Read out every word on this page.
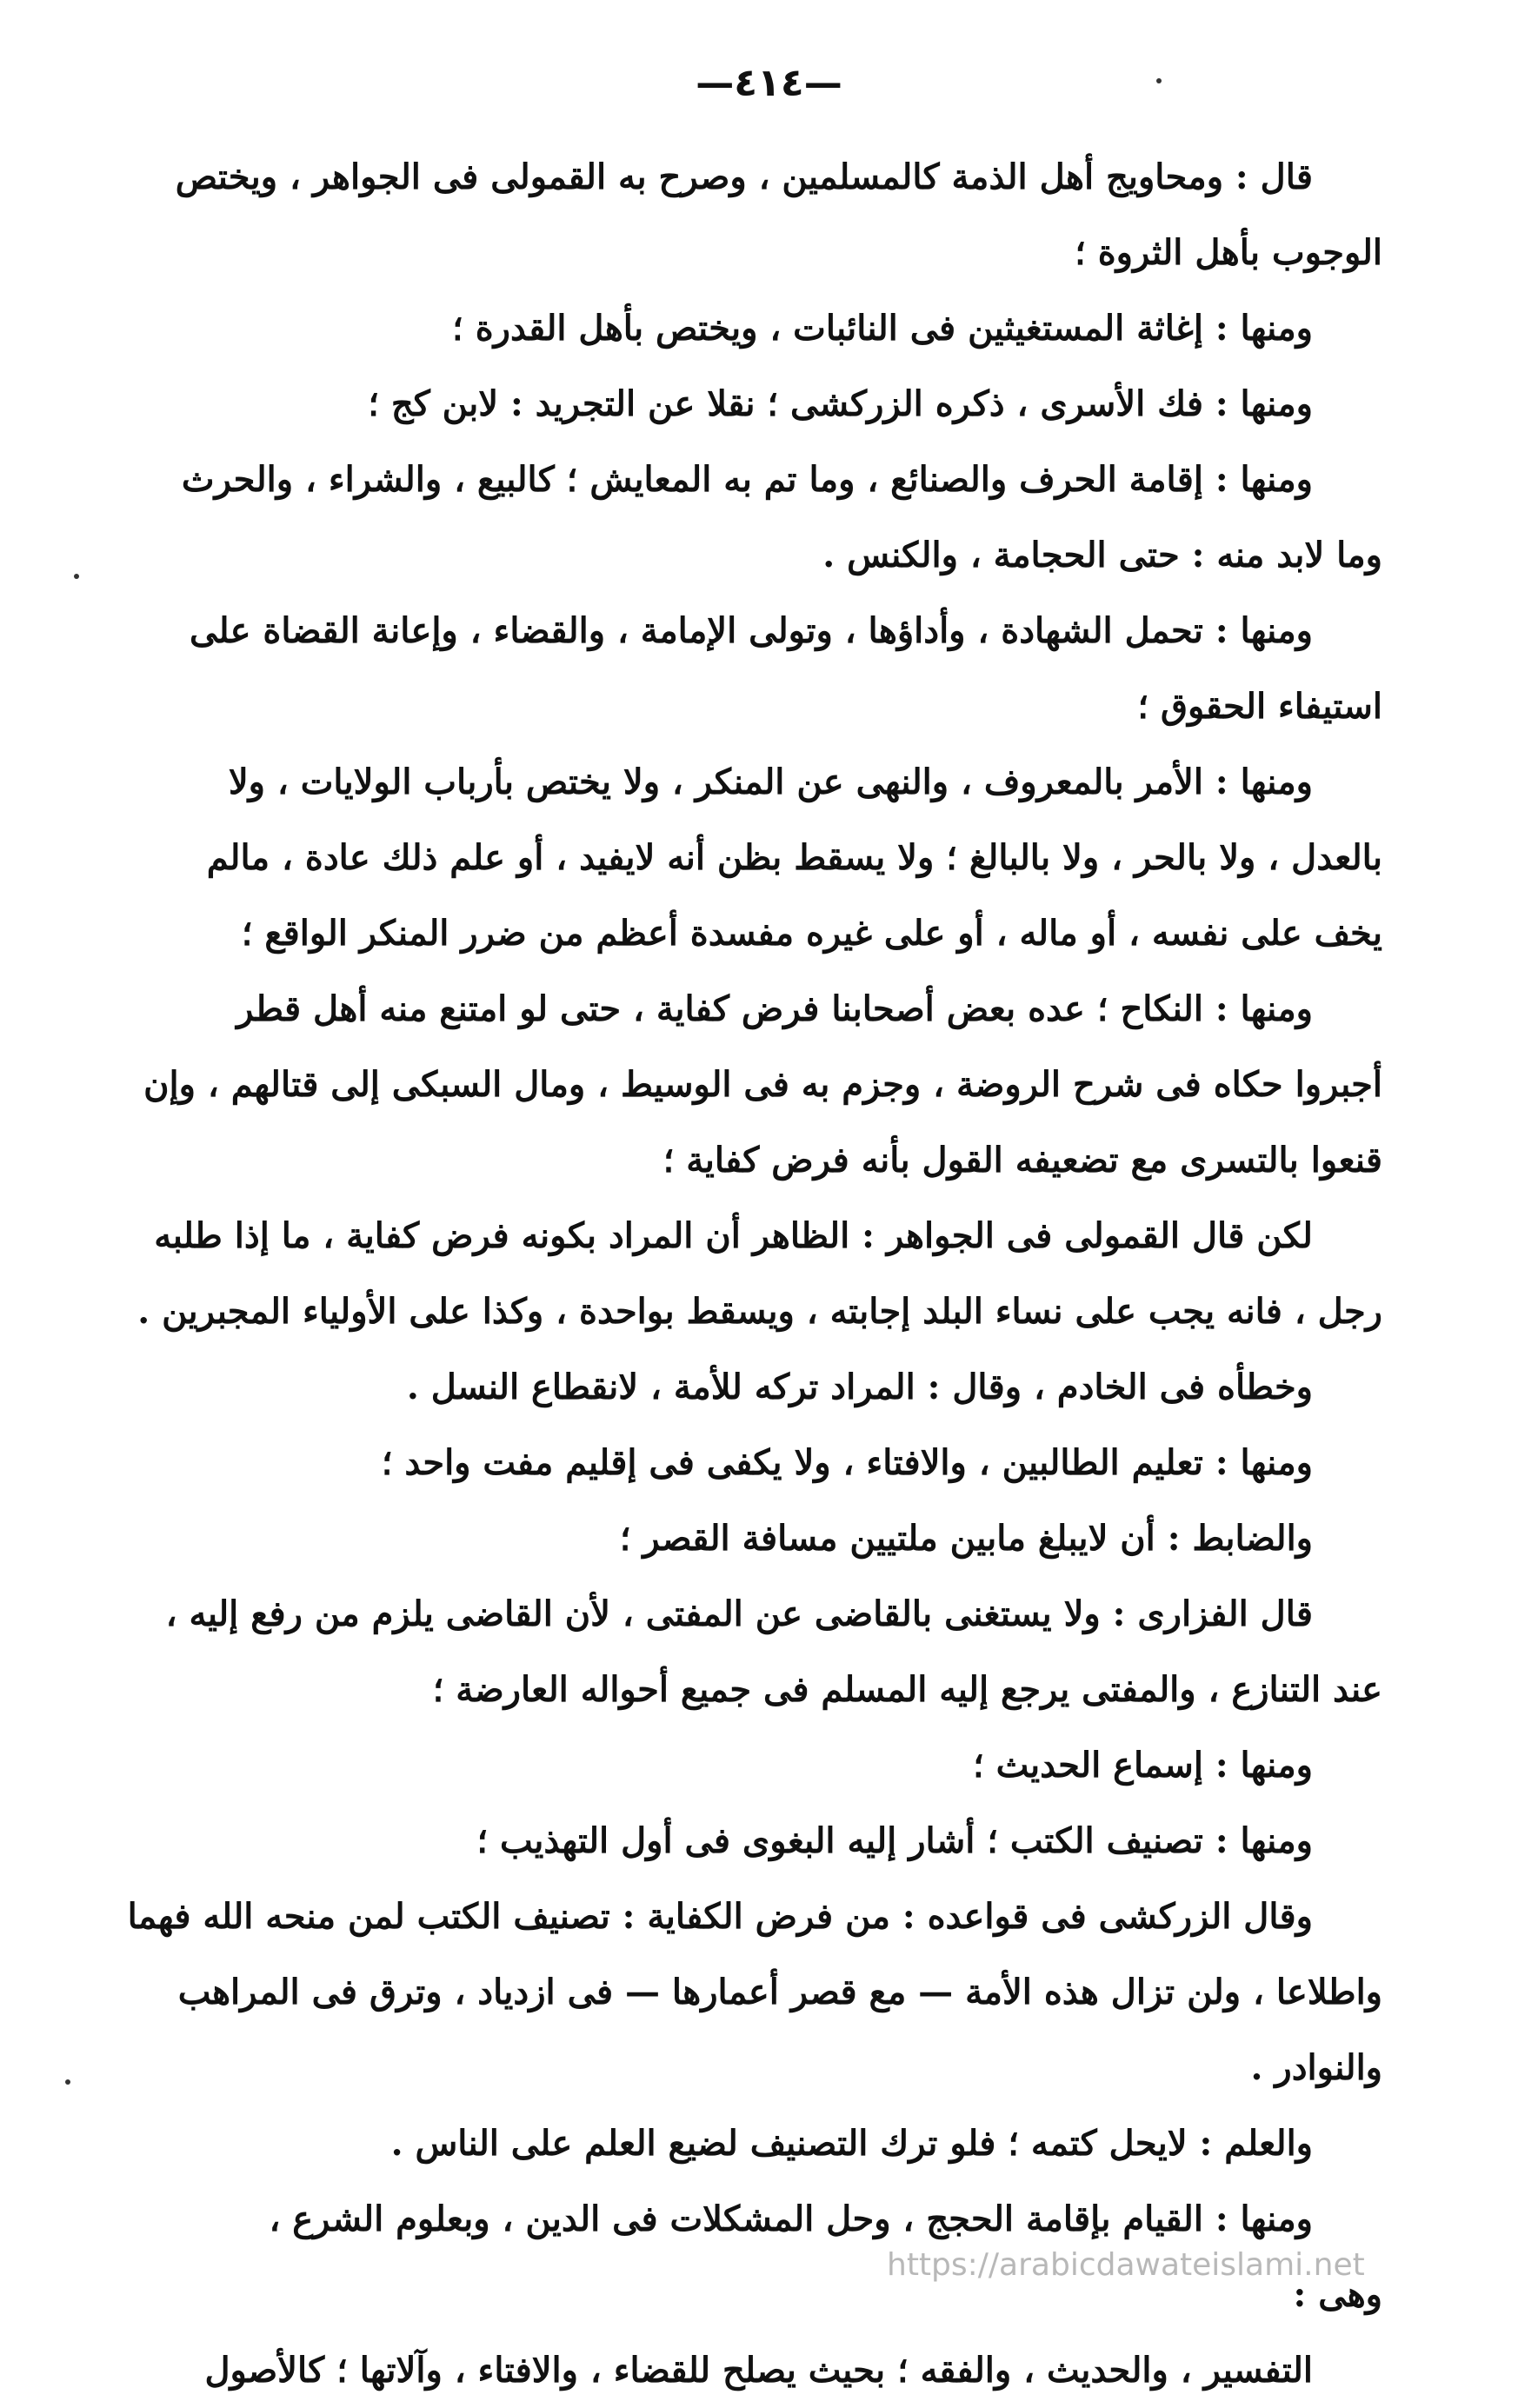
—٤١٤—
قال : ومحاويج أهل الذمة كالمسلمين ، وصرح به القمولى فى الجواهر ، ويختص
الوجوب بأهل الثروة ؛
ومنها : إغاثة المستغيثين فى النائبات ، ويختص بأهل القدرة ؛
ومنها : فك الأسرى ، ذكره الزركشى ؛ نقلا عن التجريد : لابن كج ؛
ومنها : إقامة الحرف والصنائع ، وما تم به المعايش ؛ كالبيع ، والشراء ، والحرث
وما لابد منه : حتى الحجامة ، والكنس .
ومنها : تحمل الشهادة ، وأداؤها ، وتولى الإمامة ، والقضاء ، وإعانة القضاة على
استيفاء الحقوق ؛
ومنها : الأمر بالمعروف ، والنهى عن المنكر ، ولا يختص بأرباب الولايات ، ولا
بالعدل ، ولا بالحر ، ولا بالبالغ ؛ ولا يسقط بظن أنه لايفيد ، أو علم ذلك عادة ، مالم
يخف على نفسه ، أو ماله ، أو على غيره مفسدة أعظم من ضرر المنكر الواقع ؛
ومنها : النكاح ؛ عده بعض أصحابنا فرض كفاية ، حتى لو امتنع منه أهل قطر
أجبروا حكاه فى شرح الروضة ، وجزم به فى الوسيط ، ومال السبكى إلى قتالهم ، وإن
قنعوا بالتسرى مع تضعيفه القول بأنه فرض كفاية ؛
لكن قال القمولى فى الجواهر : الظاهر أن المراد بكونه فرض كفاية ، ما إذا طلبه
رجل ، فانه يجب على نساء البلد إجابته ، ويسقط بواحدة ، وكذا على الأولياء المجبرين .
وخطأه فى الخادم ، وقال : المراد تركه للأمة ، لانقطاع النسل .
ومنها : تعليم الطالبين ، والافتاء ، ولا يكفى فى إقليم مفت واحد ؛
والضابط : أن لايبلغ مابين ملتيين مسافة القصر ؛
قال الفزارى : ولا يستغنى بالقاضى عن المفتى ، لأن القاضى يلزم من رفع إليه ،
عند التنازع ، والمفتى يرجع إليه المسلم فى جميع أحواله العارضة ؛
ومنها : إسماع الحديث ؛
ومنها : تصنيف الكتب ؛ أشار إليه البغوى فى أول التهذيب ؛
وقال الزركشى فى قواعده : من فرض الكفاية : تصنيف الكتب لمن منحه الله فهما
واطلاعا ، ولن تزال هذه الأمة — مع قصر أعمارها — فى ازدياد ، وترق فى المراهب
والنوادر .
والعلم : لايحل كتمه ؛ فلو ترك التصنيف لضيع العلم على الناس .
ومنها : القيام بإقامة الحجج ، وحل المشكلات فى الدين ، وبعلوم الشرع ،
وهى :
التفسير ، والحديث ، والفقه ؛ بحيث يصلح للقضاء ، والافتاء ، وآلاتها ؛ كالأصول
https://arabicdawateislami.net
